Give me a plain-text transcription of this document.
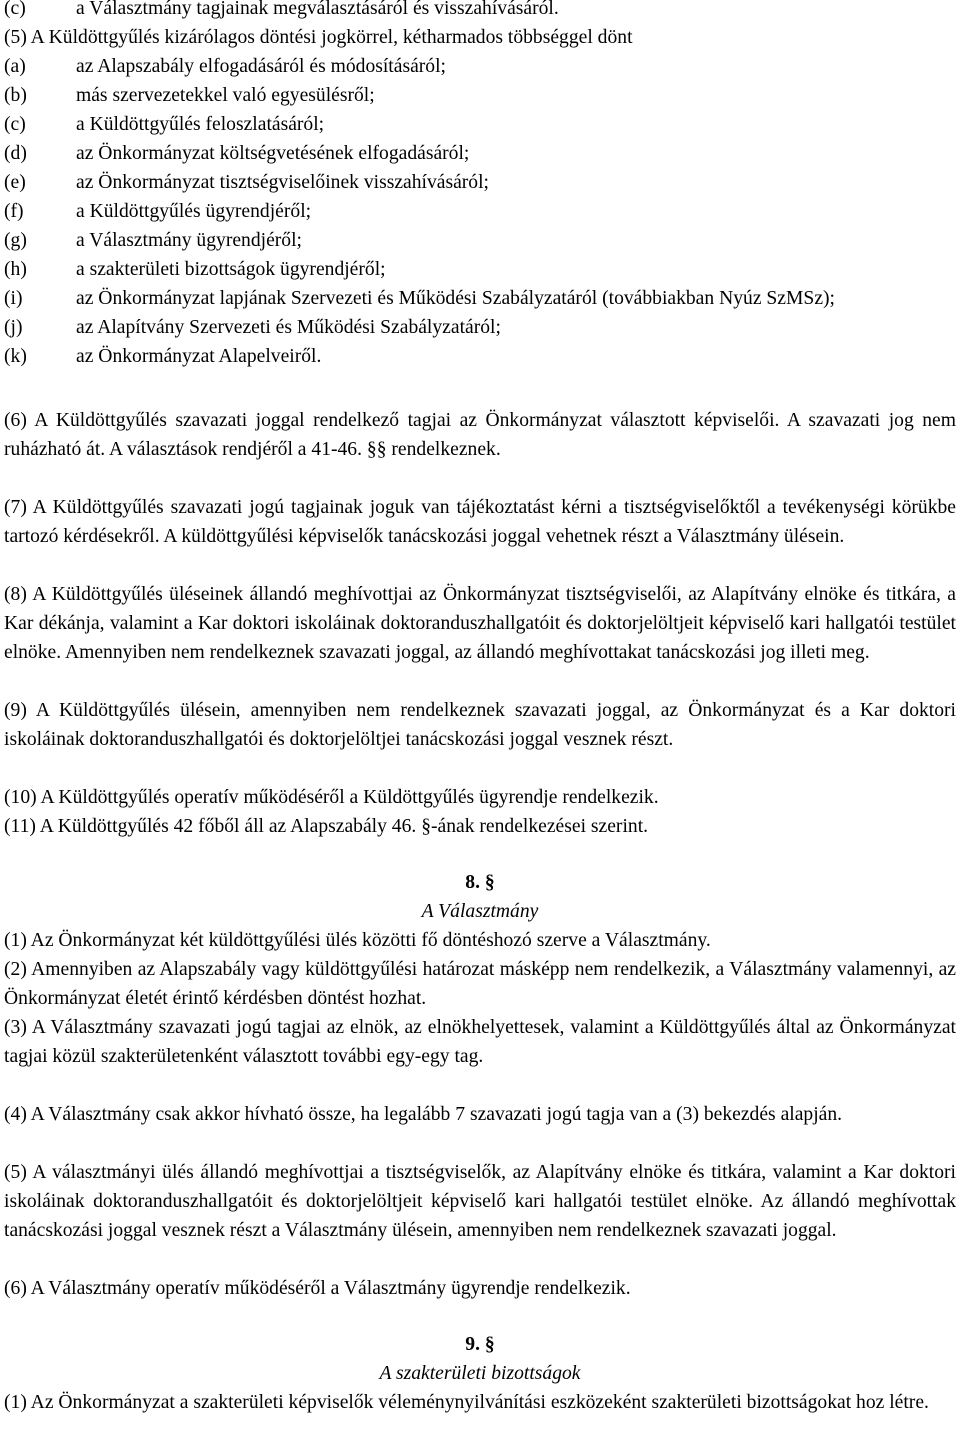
(c)	a Választmány tagjainak megválasztásáról és visszahívásáról.
(5) A Küldöttgyűlés kizárólagos döntési jogkörrel, kétharmados többséggel dönt
(a)	az Alapszabály elfogadásáról és módosításáról;
(b)	más szervezetekkel való egyesülésről;
(c)	a Küldöttgyűlés feloszlatásáról;
(d)	az Önkormányzat költségvetésének elfogadásáról;
(e)	az Önkormányzat tisztségviselőinek visszahívásáról;
(f)	a Küldöttgyűlés ügyrendjéről;
(g)	a Választmány ügyrendjéről;
(h)	a szakterületi bizottságok ügyrendjéről;
(i)	az Önkormányzat lapjának Szervezeti és Működési Szabályzatáról (továbbiakban Nyúz SzMSz);
(j)	az Alapítvány Szervezeti és Működési Szabályzatáról;
(k)	az Önkormányzat Alapelveiről.
(6) A Küldöttgyűlés szavazati joggal rendelkező tagjai az Önkormányzat választott képviselői. A szavazati jog nem ruházható át. A választások rendjéről a 41-46. §§ rendelkeznek.
(7) A Küldöttgyűlés szavazati jogú tagjainak joguk van tájékoztatást kérni a tisztségviselőktől a tevékenységi körükbe tartozó kérdésekről. A küldöttgyűlési képviselők tanácskozási joggal vehetnek részt a Választmány ülésein.
(8) A Küldöttgyűlés üléseinek állandó meghívottjai az Önkormányzat tisztségviselői, az Alapítvány elnöke és titkára, a Kar dékánja, valamint a Kar doktori iskoláinak doktoranduszhallgatóit és doktorjelöltjeit képviselő kari hallgatói testület elnöke. Amennyiben nem rendelkeznek szavazati joggal, az állandó meghívottakat tanácskozási jog illeti meg.
(9) A Küldöttgyűlés ülésein, amennyiben nem rendelkeznek szavazati joggal, az Önkormányzat és a Kar doktori iskoláinak doktoranduszhallgatói és doktorjelöltjei tanácskozási joggal vesznek részt.
(10) A Küldöttgyűlés operatív működéséről a Küldöttgyűlés ügyrendje rendelkezik.
(11) A Küldöttgyűlés 42 főből áll az Alapszabály 46. §-ának rendelkezései szerint.
8. §
A Választmány
(1) Az Önkormányzat két küldöttgyűlési ülés közötti fő döntéshozó szerve a Választmány.
(2) Amennyiben az Alapszabály vagy küldöttgyűlési határozat másképp nem rendelkezik, a Választmány valamennyi, az Önkormányzat életét érintő kérdésben döntést hozhat.
(3) A Választmány szavazati jogú tagjai az elnök, az elnökhelyettesek, valamint a Küldöttgyűlés által az Önkormányzat tagjai közül szakterületenként választott további egy-egy tag.
(4) A Választmány csak akkor hívható össze, ha legalább 7 szavazati jogú tagja van a (3) bekezdés alapján.
(5) A választmányi ülés állandó meghívottjai a tisztségviselők, az Alapítvány elnöke és titkára, valamint a Kar doktori iskoláinak doktoranduszhallgatóit és doktorjelöltjeit képviselő kari hallgatói testület elnöke. Az állandó meghívottak tanácskozási joggal vesznek részt a Választmány ülésein, amennyiben nem rendelkeznek szavazati joggal.
(6) A Választmány operatív működéséről a Választmány ügyrendje rendelkezik.
9. §
A szakterületi bizottságok
(1) Az Önkormányzat a szakterületi képviselők véleménynyilvánítási eszközeként szakterületi bizottságokat hoz létre.
